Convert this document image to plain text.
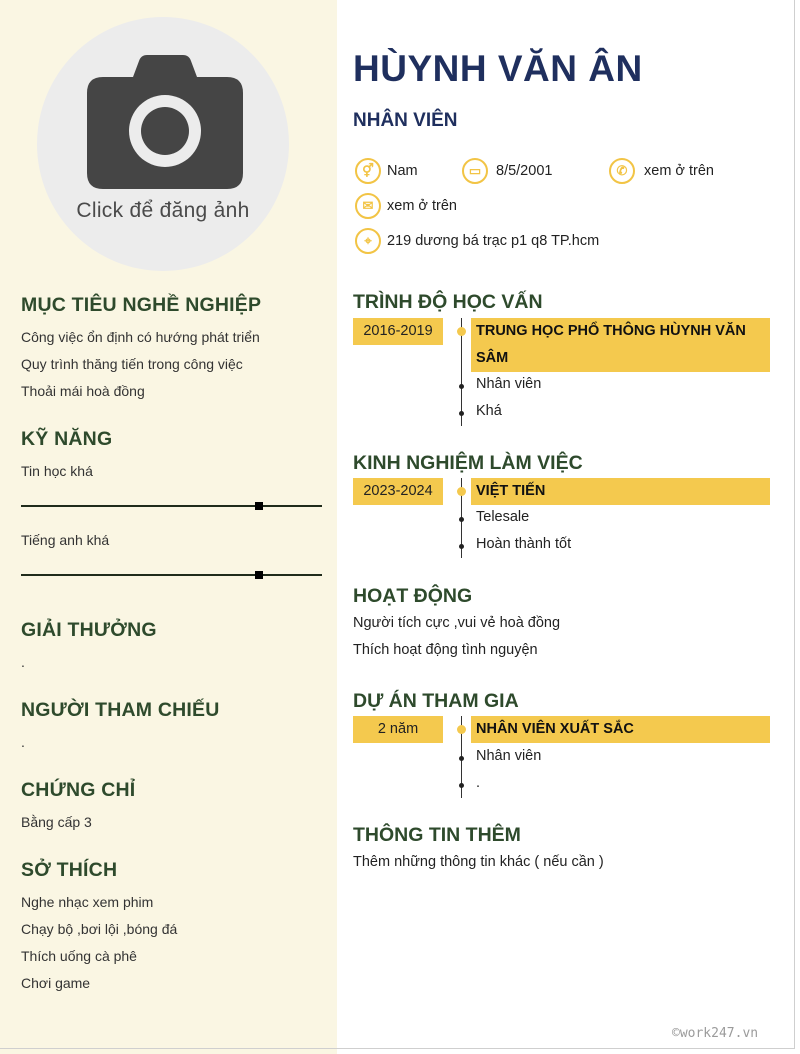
Click để đăng ảnh
MỤC TIÊU NGHỀ NGHIỆP
Công việc ổn định có hướng phát triển
Quy trình thăng tiến trong công việc
Thoải mái hoà đồng
KỸ NĂNG
Tin học khá
Tiếng anh khá
GIẢI THƯỞNG
.
NGƯỜI THAM CHIẾU
.
CHỨNG CHỈ
Bằng cấp 3
SỞ THÍCH
Nghe nhạc xem phim
Chạy bộ ,bơi lội ,bóng đá
Thích uống cà phê
Chơi game
HÙYNH VĂN ÂN
NHÂN VIÊN
⚥ Nam	▭	8/5/2001	✆	xem ở trên
✉ xem ở trên
⌖	219 dương bá trạc p1 q8 TP.hcm
TRÌNH ĐỘ HỌC VẤN
2016-2019	TRUNG HỌC PHỔ THÔNG HÙYNH VĂN
SÂM
Nhân viên
Khá
KINH NGHIỆM LÀM VIỆC
2023-2024	VIỆT TIẾN
Telesale
Hoàn thành tốt
HOẠT ĐỘNG
Người tích cực ,vui vẻ hoà đồng
Thích hoạt động tình nguyện
DỰ ÁN THAM GIA
2 năm	NHÂN VIÊN XUẤT SẮC
Nhân viên
.
THÔNG TIN THÊM
Thêm những thông tin khác ( nếu cần )
©work247.vn
